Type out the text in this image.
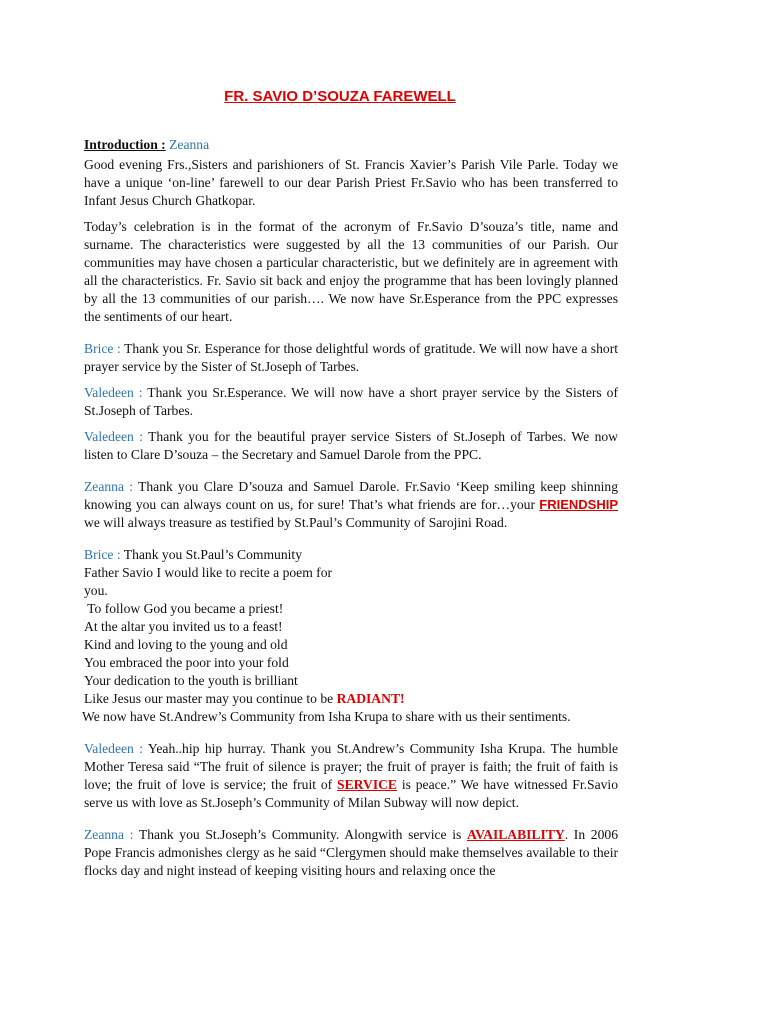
FR. SAVIO D’SOUZA FAREWELL

Introduction : Zeanna

Good evening Frs.,Sisters and parishioners of St. Francis Xavier’s Parish Vile Parle. Today we have a unique ‘on-line’ farewell to our dear Parish Priest Fr.Savio who has been transferred to Infant Jesus Church Ghatkopar.

Today’s celebration is in the format of the acronym of Fr.Savio D’souza’s title, name and surname. The characteristics were suggested by all the 13 communities of our Parish. Our communities may have chosen a particular characteristic, but we definitely are in agreement with all the characteristics. Fr. Savio sit back and enjoy the programme that has been lovingly planned by all the 13 communities of our parish…. We now have Sr.Esperance from the PPC expresses the sentiments of our heart.

Brice : Thank you Sr. Esperance for those delightful words of gratitude. We will now have a short prayer service by the Sister of St.Joseph of Tarbes.

Valedeen : Thank you Sr.Esperance. We will now have a short prayer service by the Sisters of St.Joseph of Tarbes.

Valedeen : Thank you for the beautiful prayer service Sisters of St.Joseph of Tarbes. We now listen to Clare D’souza – the Secretary and Samuel Darole from the PPC.

Zeanna : Thank you Clare D’souza and Samuel Darole. Fr.Savio ‘Keep smiling keep shinning knowing you can always count on us, for sure! That’s what friends are for…your FRIENDSHIP we will always treasure as testified by St.Paul’s Community of Sarojini Road.

Brice : Thank you St.Paul’s Community
Father Savio I would like to recite a poem for
you.
To follow God you became a priest!
At the altar you invited us to a feast!
Kind and loving to the young and old
You embraced the poor into your fold
Your dedication to the youth is brilliant
Like Jesus our master may you continue to be RADIANT!
We now have St.Andrew’s Community from Isha Krupa to share with us their sentiments.

Valedeen : Yeah..hip hip hurray. Thank you St.Andrew’s Community Isha Krupa. The humble Mother Teresa said “The fruit of silence is prayer; the fruit of prayer is faith; the fruit of faith is love; the fruit of love is service; the fruit of SERVICE is peace.” We have witnessed Fr.Savio serve us with love as St.Joseph’s Community of Milan Subway will now depict.

Zeanna : Thank you St.Joseph’s Community. Alongwith service is AVAILABILITY. In 2006 Pope Francis admonishes clergy as he said “Clergymen should make themselves available to their flocks day and night instead of keeping visiting hours and relaxing once the
